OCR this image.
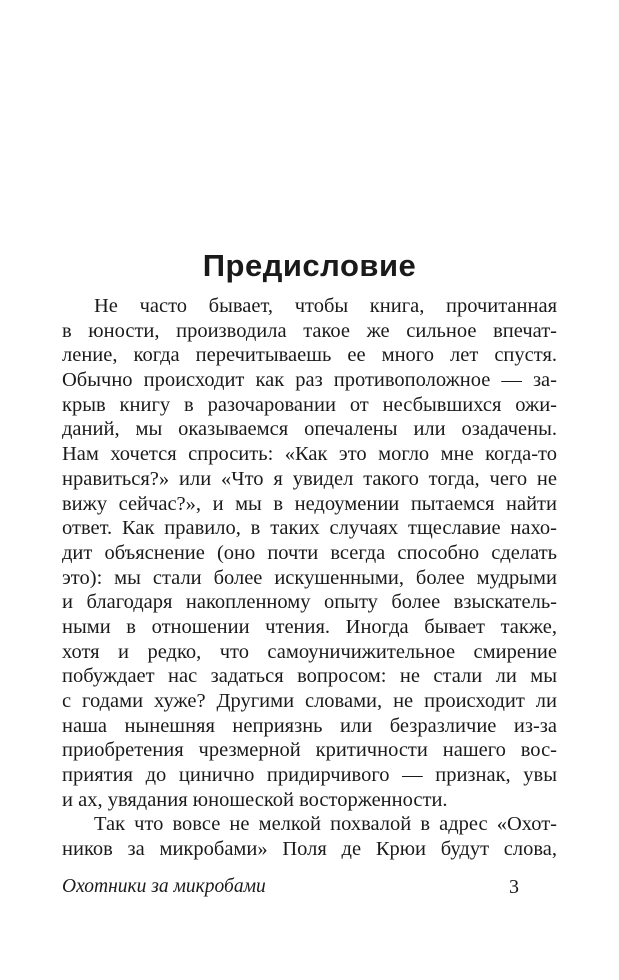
Предисловие
Не часто бывает, чтобы книга, прочитанная
в юности, производила такое же сильное впечат-
ление, когда перечитываешь ее много лет спустя.
Обычно происходит как раз противоположное — за-
крыв книгу в разочаровании от несбывшихся ожи-
даний, мы оказываемся опечалены или озадачены.
Нам хочется спросить: «Как это могло мне когда-то
нравиться?» или «Что я увидел такого тогда, чего не
вижу сейчас?», и мы в недоумении пытаемся найти
ответ. Как правило, в таких случаях тщеславие нахо-
дит объяснение (оно почти всегда способно сделать
это): мы стали более искушенными, более мудрыми
и благодаря накопленному опыту более взыскатель-
ными в отношении чтения. Иногда бывает также,
хотя и редко, что самоуничижительное смирение
побуждает нас задаться вопросом: не стали ли мы
с годами хуже? Другими словами, не происходит ли
наша нынешняя неприязнь или безразличие из-за
приобретения чрезмерной критичности нашего вос-
приятия до цинично придирчивого — признак, увы
и ах, увядания юношеской восторженности.
Так что вовсе не мелкой похвалой в адрес «Охот-
ников за микробами» Поля де Крюи будут слова,
Охотники за микробами	3
